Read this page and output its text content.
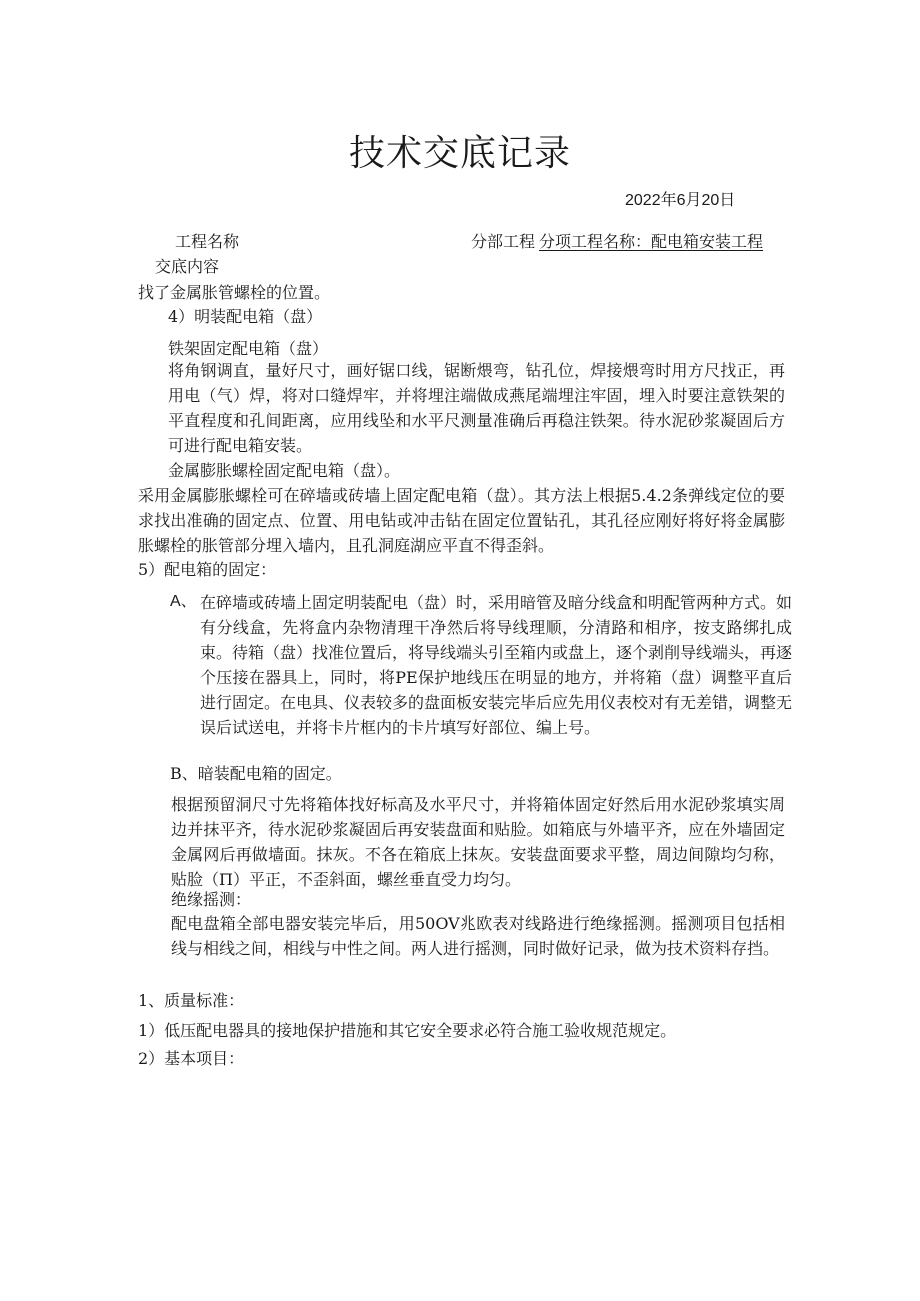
技术交底记录
2022年6月20日
工程名称	分部工程 分项工程名称：配电箱安装工程
交底内容
找了金属胀管螺栓的位置。
4）明装配电箱（盘）
铁架固定配电箱（盘）
将角钢调直，量好尺寸，画好锯口线，锯断煨弯，钻孔位，焊接煨弯时用方尺找正，再用电（气）焊，将对口缝焊牢，并将埋注端做成燕尾端埋注牢固，埋入时要注意铁架的平直程度和孔间距离，应用线坠和水平尺测量准确后再稳注铁架。待水泥砂浆凝固后方可进行配电箱安装。
金属膨胀螺栓固定配电箱（盘）。
采用金属膨胀螺栓可在碎墙或砖墙上固定配电箱（盘）。其方法上根据5.4.2条弹线定位的要求找出准确的固定点、位置、用电钻或冲击钻在固定位置钻孔，其孔径应刚好将好将金属膨胀螺栓的胀管部分埋入墙内，且孔洞庭湖应平直不得歪斜。
5）配电箱的固定：
A、 在碎墙或砖墙上固定明装配电（盘）时，采用暗管及暗分线盒和明配管两种方式。如有分线盒，先将盒内杂物清理干净然后将导线理顺，分清路和相序，按支路绑扎成束。待箱（盘）找准位置后，将导线端头引至箱内或盘上，逐个剥削导线端头，再逐个压接在器具上，同时，将PE保护地线压在明显的地方，并将箱（盘）调整平直后进行固定。在电具、仪表较多的盘面板安装完毕后应先用仪表校对有无差错，调整无误后试送电，并将卡片框内的卡片填写好部位、编上号。
B、暗装配电箱的固定。
根据预留洞尺寸先将箱体找好标高及水平尺寸，并将箱体固定好然后用水泥砂浆填实周边并抹平齐，待水泥砂浆凝固后再安装盘面和贴脸。如箱底与外墙平齐，应在外墙固定金属网后再做墙面。抹灰。不各在箱底上抹灰。安装盘面要求平整，周边间隙均匀称，贴脸（Π）平正，不歪斜面，螺丝垂直受力均匀。
绝缘摇测：
配电盘箱全部电器安装完毕后，用50OV兆欧表对线路进行绝缘摇测。摇测项目包括相线与相线之间，相线与中性之间。两人进行摇测，同时做好记录，做为技术资料存挡。
1、质量标准：
1）低压配电器具的接地保护措施和其它安全要求必符合施工验收规范规定。
2）基本项目：
